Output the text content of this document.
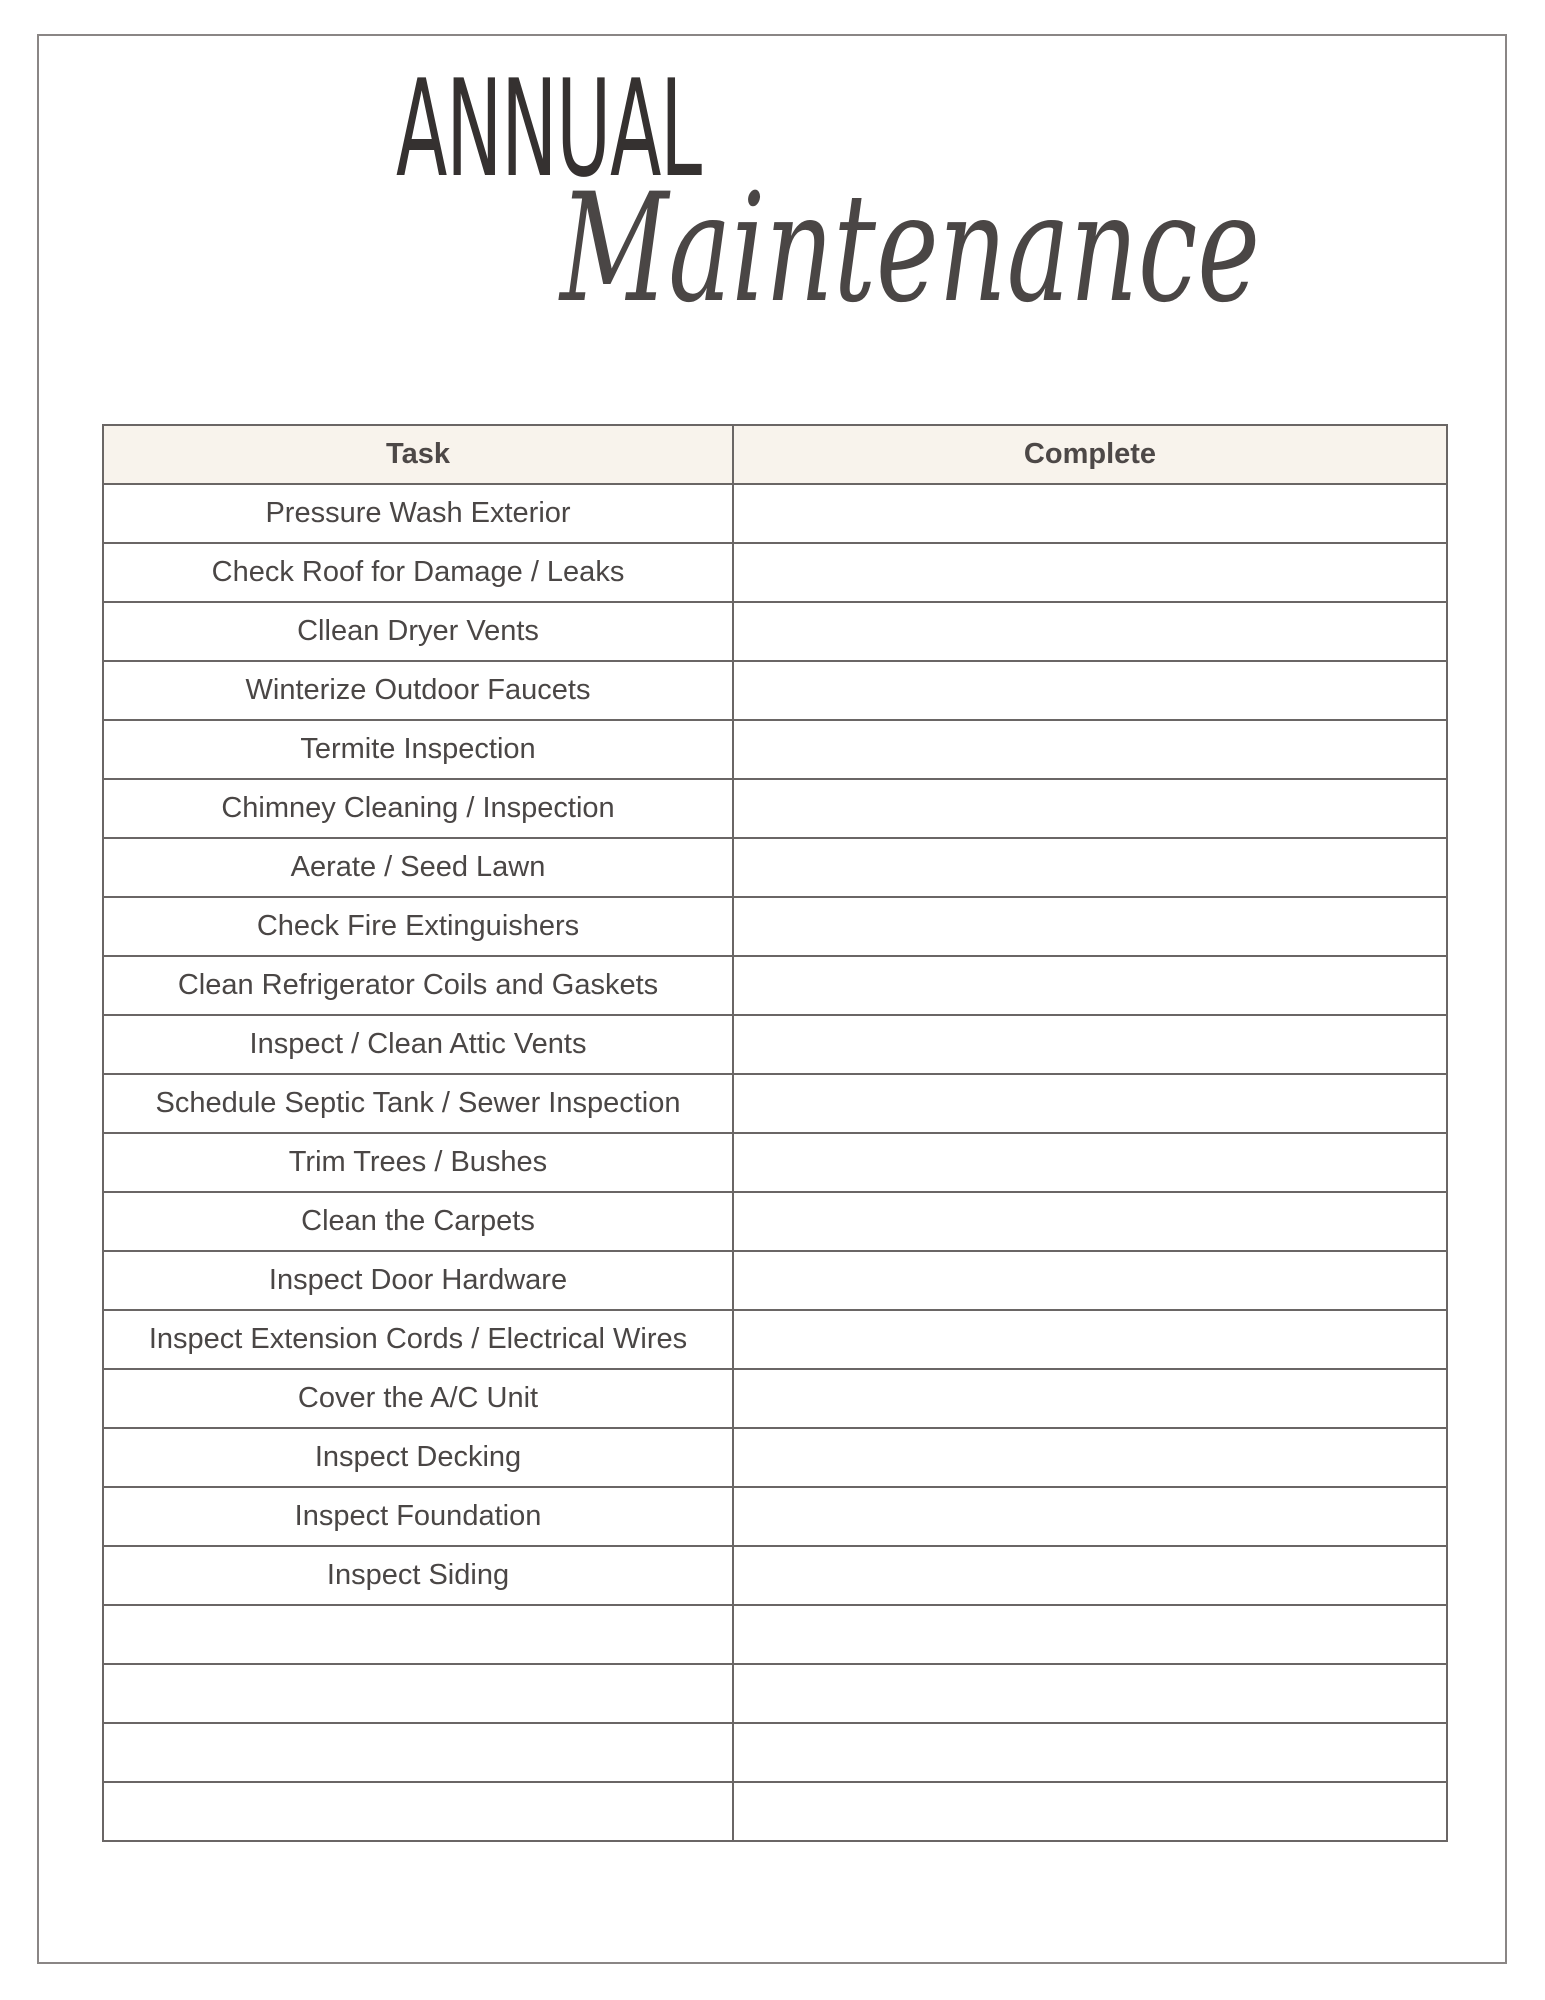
ANNUAL
Maintenance
Task	Complete
Pressure Wash Exterior	
Check Roof for Damage / Leaks	
Cllean Dryer Vents	
Winterize Outdoor Faucets	
Termite Inspection	
Chimney Cleaning / Inspection	
Aerate / Seed Lawn	
Check Fire Extinguishers	
Clean Refrigerator Coils and Gaskets	
Inspect / Clean Attic Vents	
Schedule Septic Tank / Sewer Inspection	
Trim Trees / Bushes	
Clean the Carpets	
Inspect Door Hardware	
Inspect Extension Cords / Electrical Wires	
Cover the A/C Unit	
Inspect Decking	
Inspect Foundation	
Inspect Siding	
